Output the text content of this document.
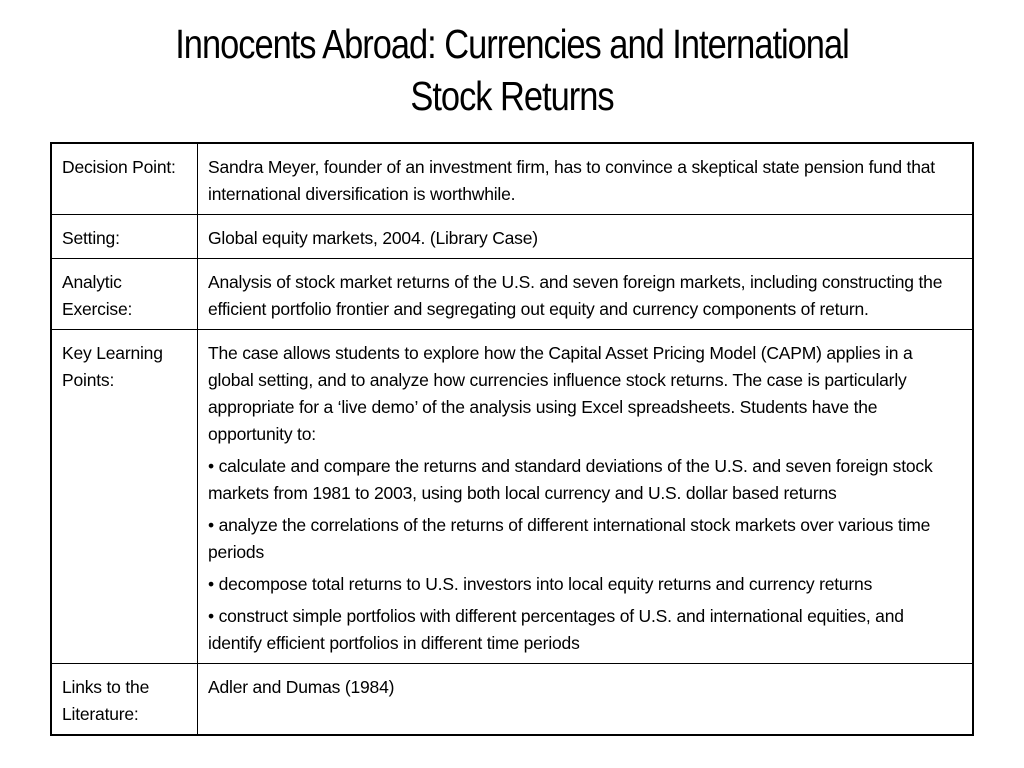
Innocents Abroad: Currencies and International
Stock Returns
Decision Point:	Sandra Meyer, founder of an investment firm, has to convince a skeptical state pension fund that international diversification is worthwhile.

Setting:	Global equity markets, 2004. (Library Case)

Analytic Exercise:	Analysis of stock market returns of the U.S. and seven foreign markets, including constructing the efficient portfolio frontier and segregating out equity and currency components of return.

Key Learning Points:	The case allows students to explore how the Capital Asset Pricing Model (CAPM) applies in a global setting, and to analyze how currencies influence stock returns. The case is particularly appropriate for a ‘live demo’ of the analysis using Excel spreadsheets. Students have the opportunity to:
• calculate and compare the returns and standard deviations of the U.S. and seven foreign stock markets from 1981 to 2003, using both local currency and U.S. dollar based returns
• analyze the correlations of the returns of different international stock markets over various time periods
• decompose total returns to U.S. investors into local equity returns and currency returns
• construct simple portfolios with different percentages of U.S. and international equities, and identify efficient portfolios in different time periods

Links to the Literature:	Adler and Dumas (1984)
